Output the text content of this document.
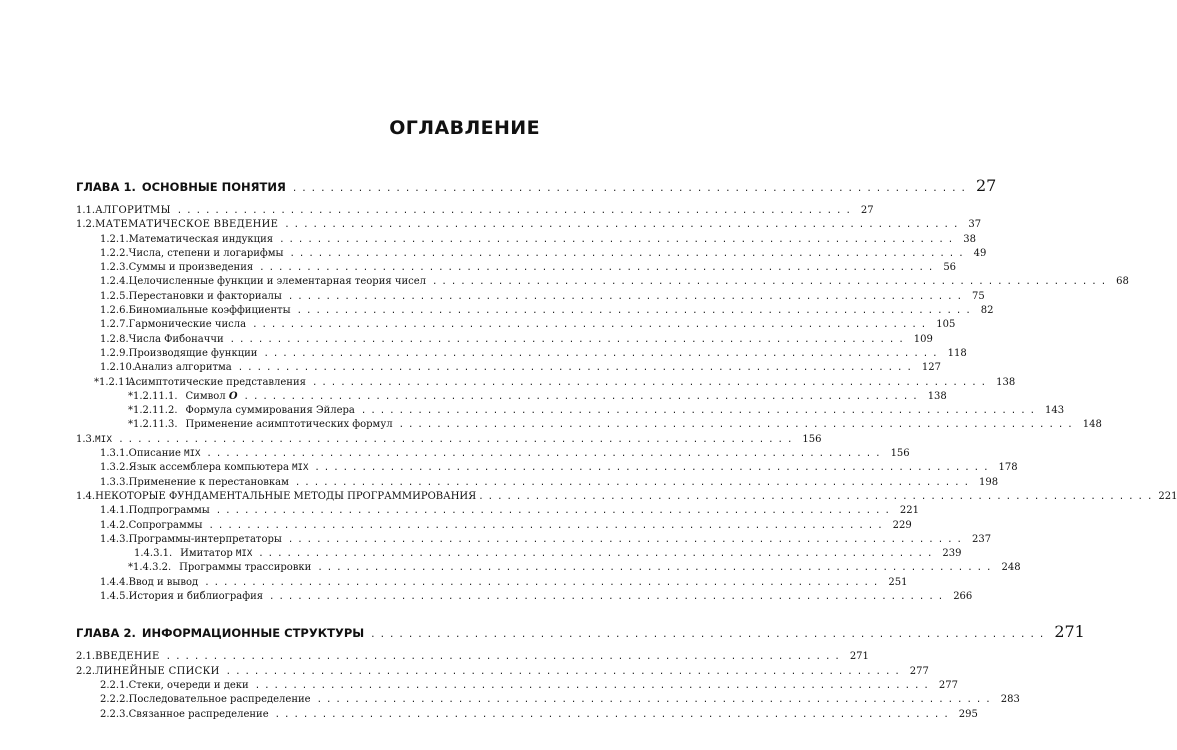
ОГЛАВЛЕНИЕ
ГЛАВА 1. ОСНОВНЫЕ ПОНЯТИЯ ........................................................................ 27
1.1. АЛГОРИТМЫ ........................................................................ 27
1.2. МАТЕМАТИЧЕСКОЕ ВВЕДЕНИЕ ........................................................................ 37
1.2.1. Математическая индукция ........................................................................ 38
1.2.2. Числа, степени и логарифмы ........................................................................ 49
1.2.3. Суммы и произведения ........................................................................ 56
1.2.4. Целочисленные функции и элементарная теория чисел ........................................................................ 68
1.2.5. Перестановки и факториалы ........................................................................ 75
1.2.6. Биномиальные коэффициенты ........................................................................ 82
1.2.7. Гармонические числа ........................................................................ 105
1.2.8. Числа Фибоначчи ........................................................................ 109
1.2.9. Производящие функции ........................................................................ 118
1.2.10. Анализ алгоритма ........................................................................ 127
*1.2.11.
Асимптотические представления ........................................................................ 138
*1.2.11.1. Символ O ........................................................................ 138
*1.2.11.2. Формула суммирования Эйлера ........................................................................ 143
*1.2.11.3. Применение асимптотических формул ........................................................................ 148
1.3. MIX ........................................................................ 156
1.3.1. Описание MIX ........................................................................ 156
1.3.2. Язык ассемблера компьютера MIX ........................................................................ 178
1.3.3. Применение к перестановкам ........................................................................ 198
1.4. НЕКОТОРЫЕ ФУНДАМЕНТАЛЬНЫЕ МЕТОДЫ ПРОГРАММИРОВАНИЯ ........................................................................ 221
1.4.1. Подпрограммы ........................................................................ 221
1.4.2. Сопрограммы ........................................................................ 229
1.4.3. Программы-интерпретаторы ........................................................................ 237
1.4.3.1. Имитатор MIX ........................................................................ 239
*1.4.3.2. Программы трассировки ........................................................................ 248
1.4.4. Ввод и вывод ........................................................................ 251
1.4.5. История и библиография ........................................................................ 266
ГЛАВА 2. ИНФОРМАЦИОННЫЕ СТРУКТУРЫ ........................................................................ 271
2.1. ВВЕДЕНИЕ ........................................................................ 271
2.2. ЛИНЕЙНЫЕ СПИСКИ ........................................................................ 277
2.2.1. Стеки, очереди и деки ........................................................................ 277
2.2.2. Последовательное распределение ........................................................................ 283
2.2.3. Связанное распределение ........................................................................ 295
